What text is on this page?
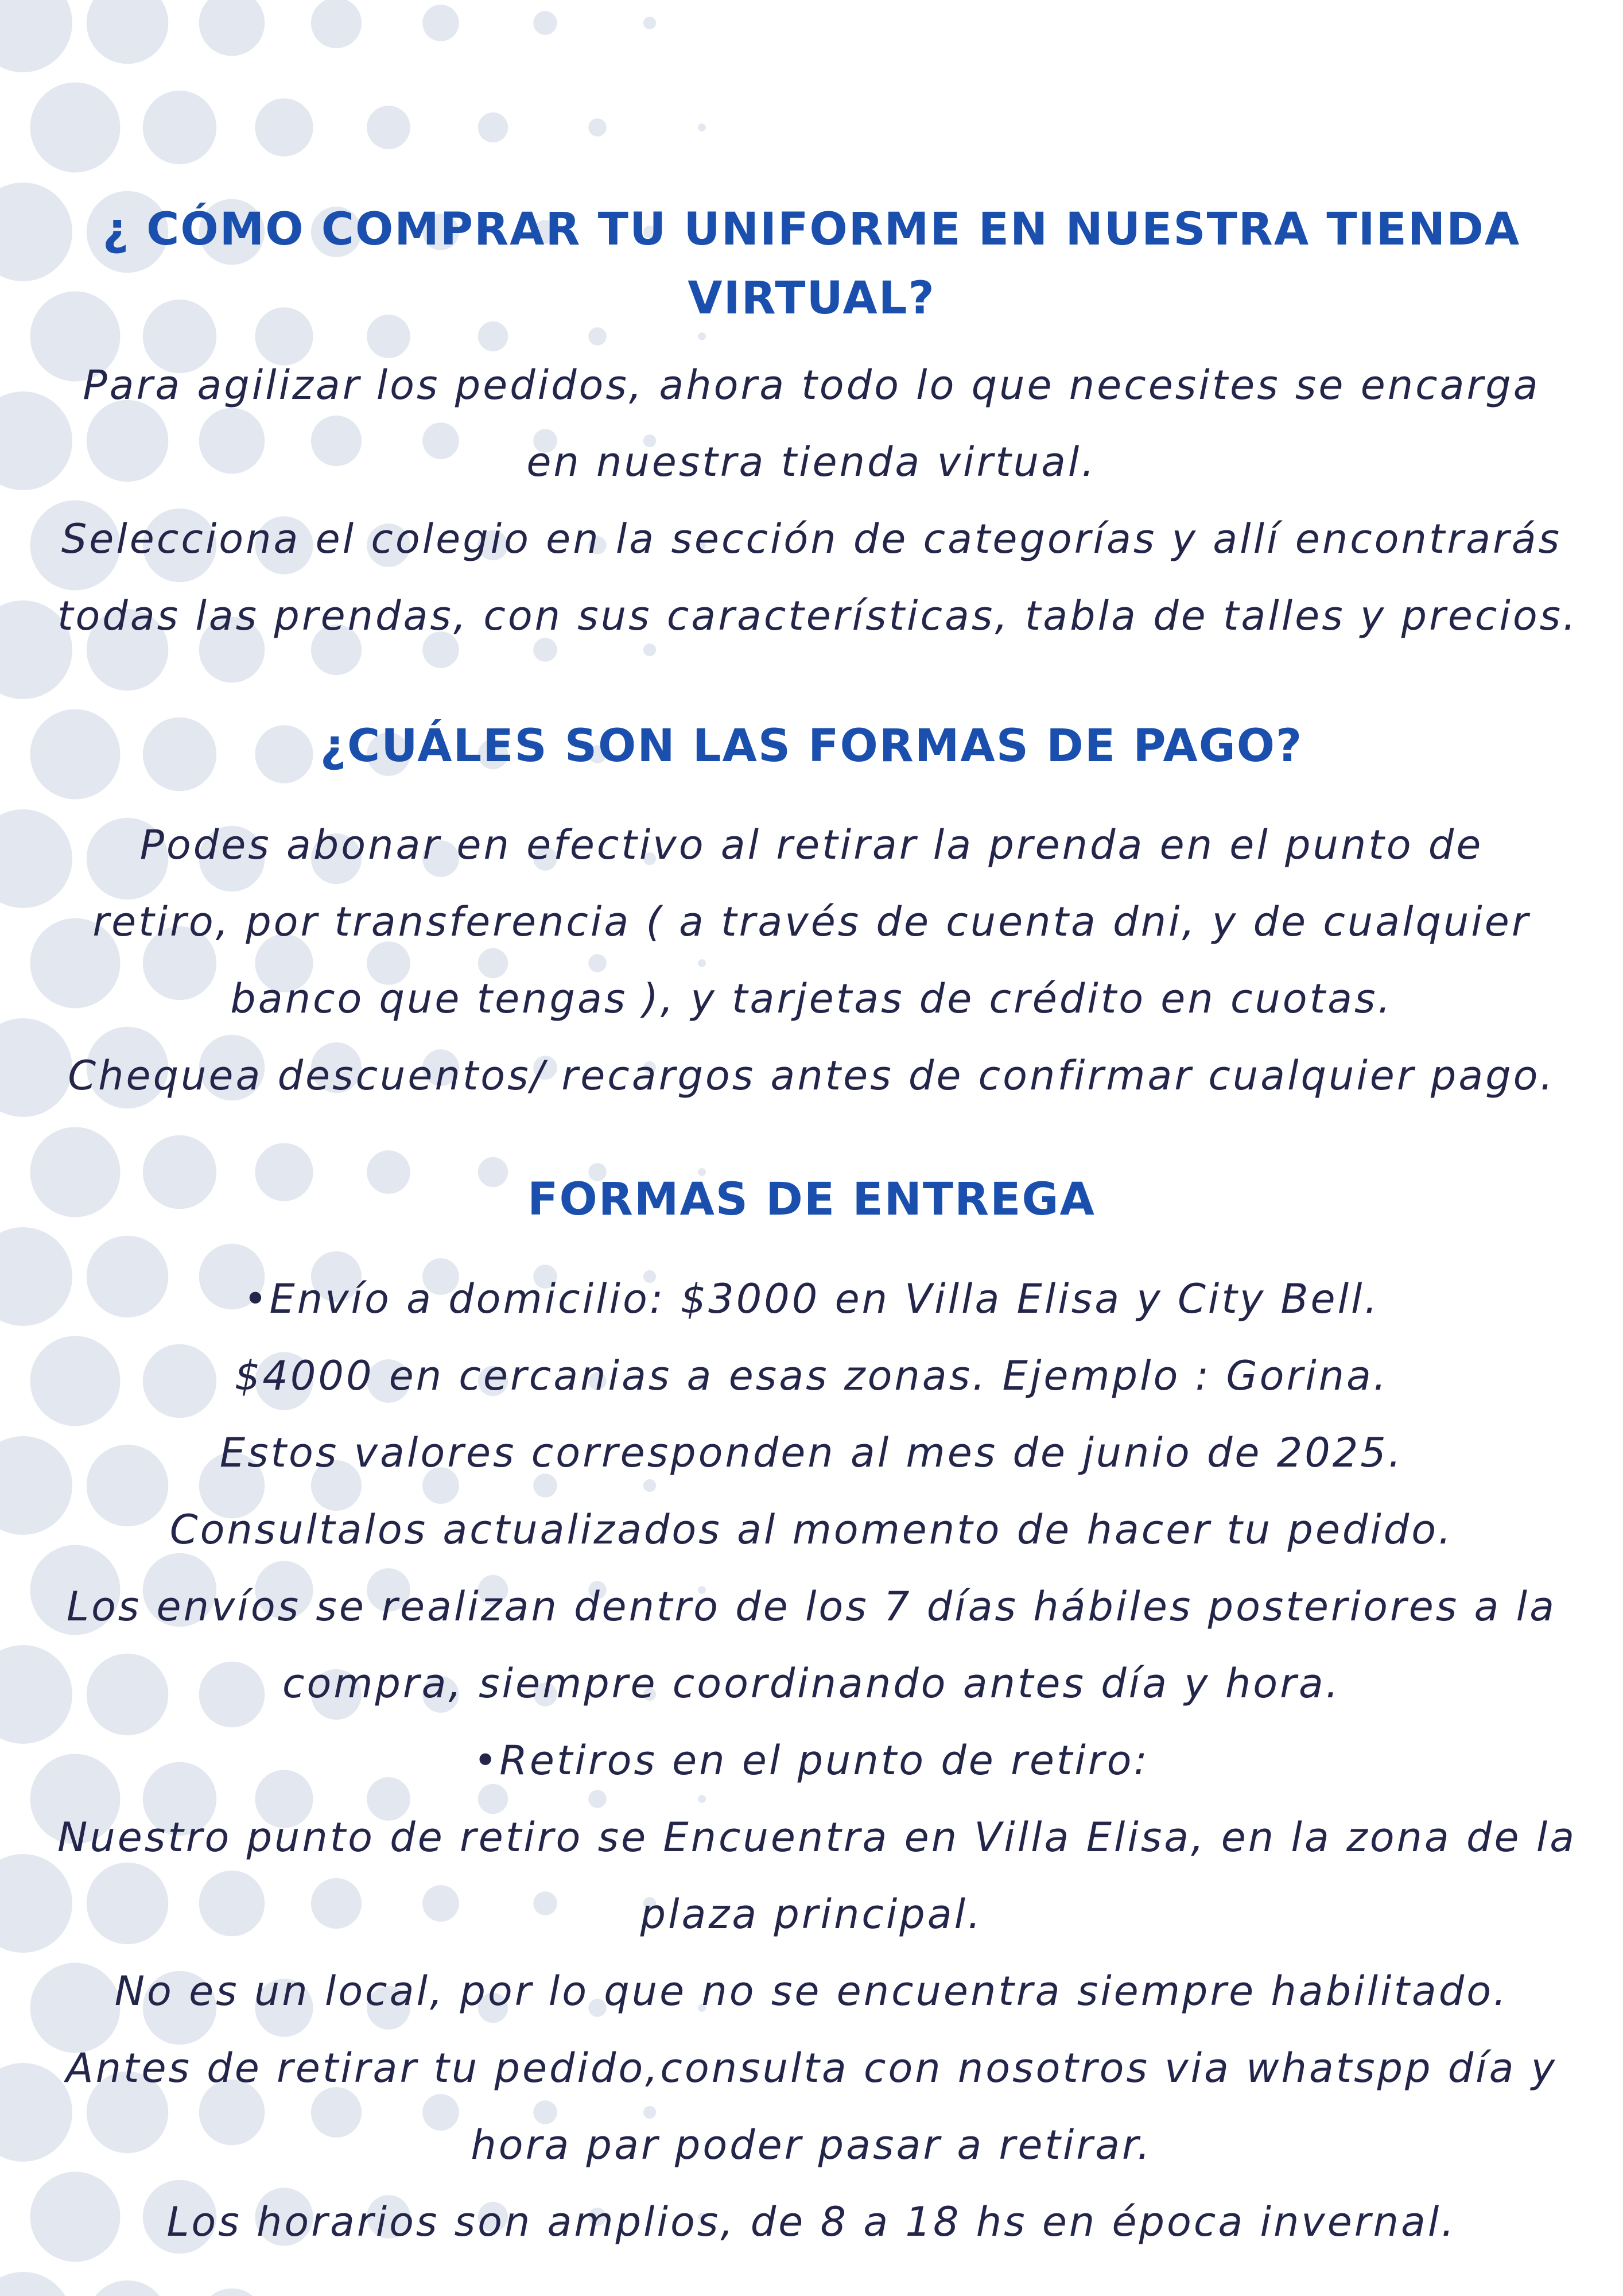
¿ CÓMO COMPRAR TU UNIFORME EN NUESTRA TIENDA
VIRTUAL?
Para agilizar los pedidos, ahora todo lo que necesites se encarga
en nuestra tienda virtual.
Selecciona el colegio en la sección de categorías y allí encontrarás
todas las prendas, con sus características, tabla de talles y precios.
¿CUÁLES SON LAS FORMAS DE PAGO?
Podes abonar en efectivo al retirar la prenda en el punto de
retiro, por transferencia ( a través de cuenta dni, y de cualquier
banco que tengas ), y tarjetas de crédito en cuotas.
Chequea descuentos/ recargos antes de confirmar cualquier pago.
FORMAS DE ENTREGA
•Envío a domicilio: $3000 en Villa Elisa y City Bell.
$4000 en cercanias a esas zonas. Ejemplo : Gorina.
Estos valores corresponden al mes de junio de 2025.
Consultalos actualizados al momento de hacer tu pedido.
Los envíos se realizan dentro de los 7 días hábiles posteriores a la
compra, siempre coordinando antes día y hora.
•Retiros en el punto de retiro:
Nuestro punto de retiro se Encuentra en Villa Elisa, en la zona de la
plaza principal.
No es un local, por lo que no se encuentra siempre habilitado.
Antes de retirar tu pedido,consulta con nosotros via whatspp día y
hora par poder pasar a retirar.
Los horarios son amplios, de 8 a 18 hs en época invernal.
